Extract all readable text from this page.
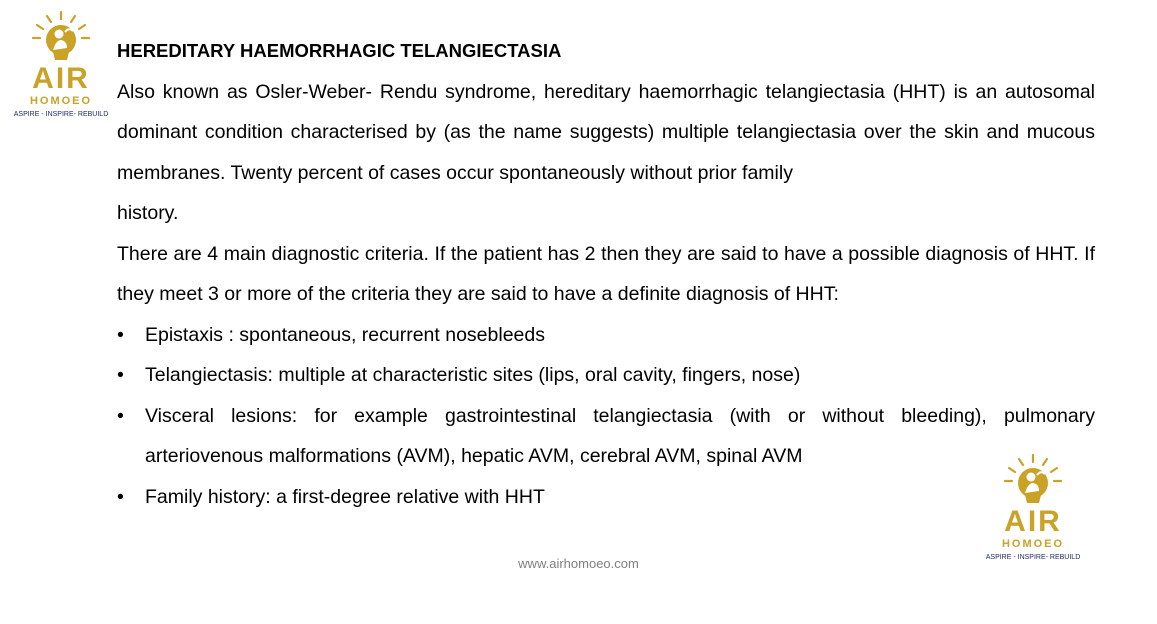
AIR
HOMOEO
ASPIRE - INSPIRE- REBUILD

HEREDITARY HAEMORRHAGIC TELANGIECTASIA

Also known as Osler-Weber- Rendu syndrome, hereditary haemorrhagic telangiectasia (HHT) is an autosomal dominant condition characterised by (as the name suggests) multiple telangiectasia over the skin and mucous membranes. Twenty percent of cases occur spontaneously without prior family

history.

There are 4 main diagnostic criteria. If the patient has 2 then they are said to have a possible diagnosis of HHT. If they meet 3 or more of the criteria they are said to have a definite diagnosis of HHT:

• Epistaxis : spontaneous, recurrent nosebleeds
• Telangiectasis: multiple at characteristic sites (lips, oral cavity, fingers, nose)
• Visceral lesions: for example gastrointestinal telangiectasia (with or without bleeding), pulmonary arteriovenous malformations (AVM), hepatic AVM, cerebral AVM, spinal AVM
• Family history: a first-degree relative with HHT
AIR
HOMOEO
ASPIRE - INSPIRE- REBUILD
www.airhomoeo.com
